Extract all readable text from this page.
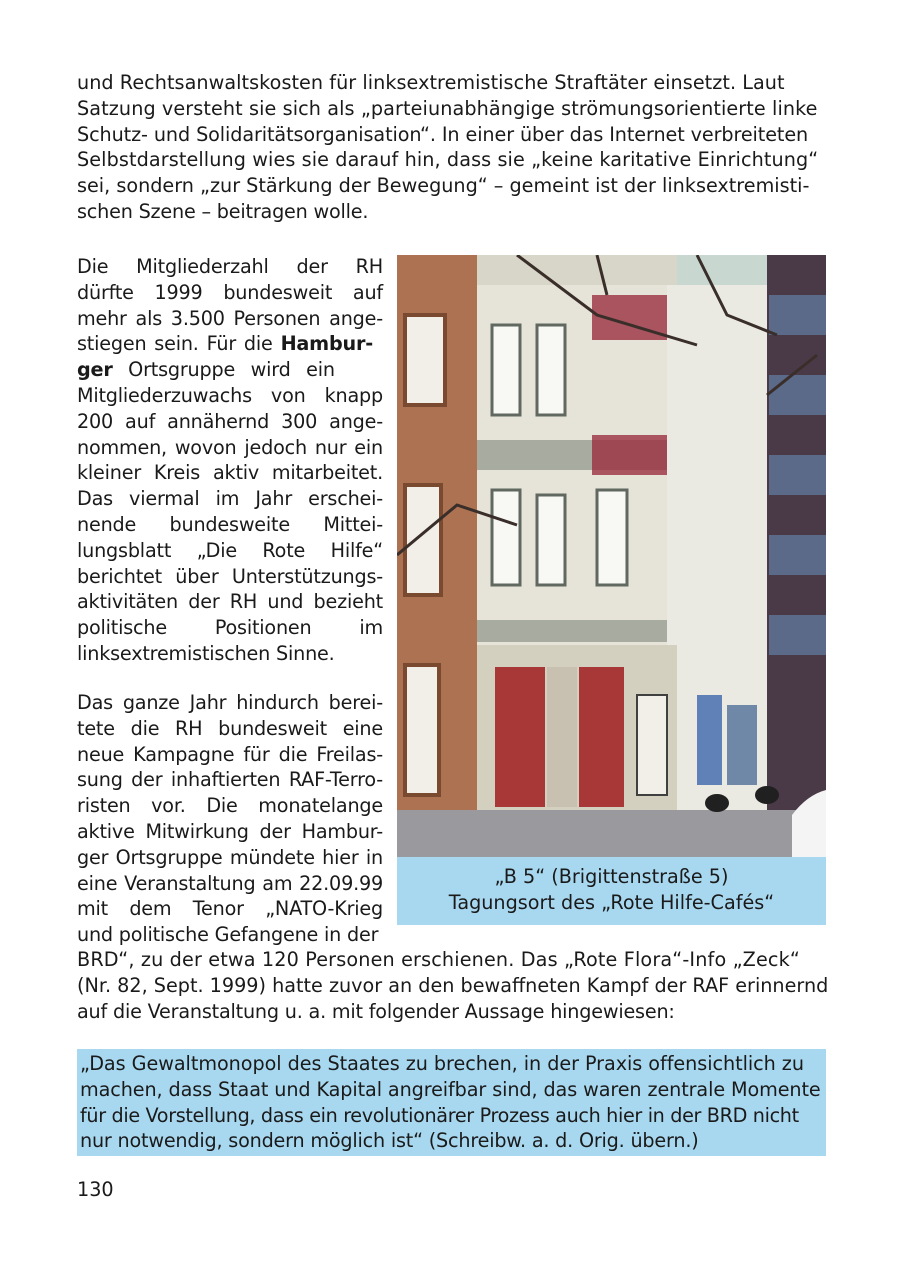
und Rechtsanwaltskosten für linksextremistische Straftäter einsetzt. Laut
Satzung versteht sie sich als „parteiunabhängige strömungsorientierte linke
Schutz- und Solidaritätsorganisation“. In einer über das Internet verbreiteten
Selbstdarstellung wies sie darauf hin, dass sie „keine karitative Einrichtung“
sei, sondern „zur Stärkung der Bewegung“ – gemeint ist der linksextremisti-
schen Szene – beitragen wolle.
Die Mitgliederzahl der RH
dürfte 1999 bundesweit auf
mehr als 3.500 Personen ange-
stiegen sein. Für die Hambur-
ger Ortsgruppe wird ein
Mitgliederzuwachs von knapp
200 auf annähernd 300 ange-
nommen, wovon jedoch nur ein
kleiner Kreis aktiv mitarbeitet.
Das viermal im Jahr erschei-
nende bundesweite Mittei-
lungsblatt „Die Rote Hilfe“
berichtet über Unterstützungs-
aktivitäten der RH und bezieht
politische Positionen im
linksextremistischen Sinne.
Das ganze Jahr hindurch berei-
tete die RH bundesweit eine
neue Kampagne für die Freilas-
sung der inhaftierten RAF-Terro-
risten vor. Die monatelange
aktive Mitwirkung der Hambur-
ger Ortsgruppe mündete hier in
eine Veranstaltung am 22.09.99
mit dem Tenor „NATO-Krieg
und politische Gefangene in der
„B 5“ (Brigittenstraße 5)
Tagungsort des „Rote Hilfe-Cafés“
BRD“, zu der etwa 120 Personen erschienen. Das „Rote Flora“-Info „Zeck“
(Nr. 82, Sept. 1999) hatte zuvor an den bewaffneten Kampf der RAF erinnernd
auf die Veranstaltung u. a. mit folgender Aussage hingewiesen:
„Das Gewaltmonopol des Staates zu brechen, in der Praxis offensichtlich zu
machen, dass Staat und Kapital angreifbar sind, das waren zentrale Momente
für die Vorstellung, dass ein revolutionärer Prozess auch hier in der BRD nicht
nur notwendig, sondern möglich ist“ (Schreibw. a. d. Orig. übern.)
130
